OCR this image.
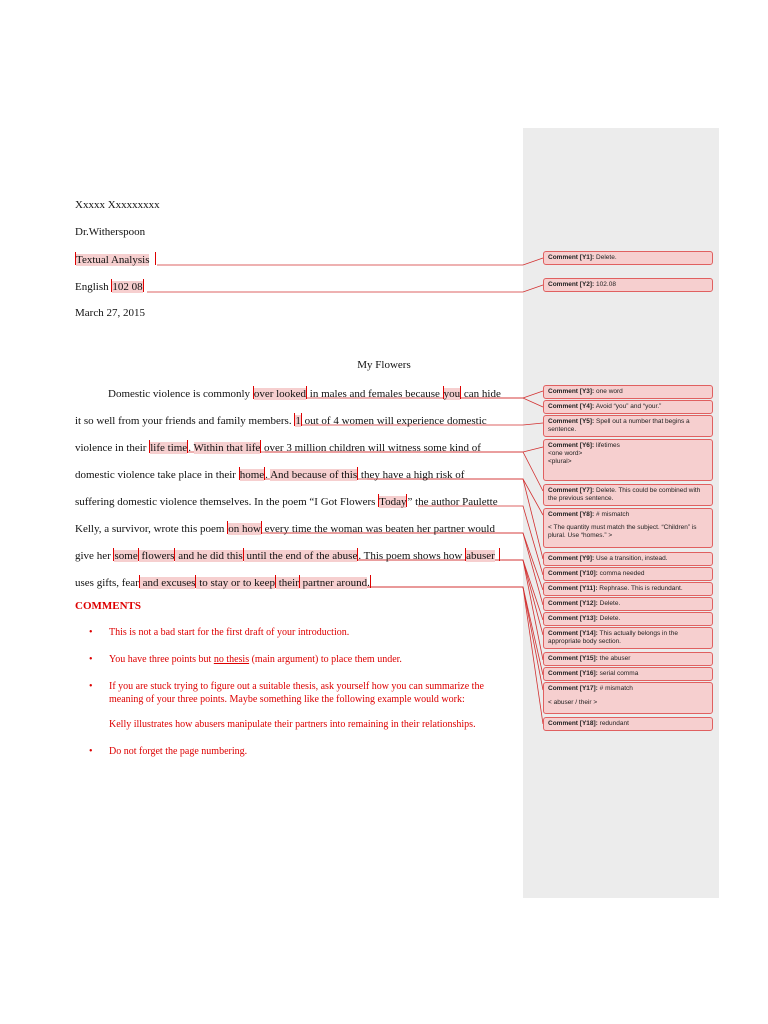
Xxxxx Xxxxxxxxx
Dr.Witherspoon
Textual Analysis
English 102 08
March 27, 2015
My Flowers
Domestic violence is commonly over looked in males and females because you can hide
it so well from your friends and family members. 1 out of 4 women will experience domestic
violence in their life time. Within that life over 3 million children will witness some kind of
domestic violence take place in their home. And because of this they have a high risk of
suffering domestic violence themselves. In the poem “I Got Flowers Today” the author Paulette
Kelly, a survivor, wrote this poem on how every time the woman was beaten her partner would
give her some flowers and he did this until the end of the abuse. This poem shows how abuser
uses gifts, fear and excuses to stay or to keep their partner around.
COMMENTS
• This is not a bad start for the first draft of your introduction.
• You have three points but no thesis (main argument) to place them under.
• If you are stuck trying to figure out a suitable thesis, ask yourself how you can summarize the meaning of your three points. Maybe something like the following example would work:
Kelly illustrates how abusers manipulate their partners into remaining in their relationships.
• Do not forget the page numbering.
Comment [Y1]: Delete.
Comment [Y2]: 102.08
Comment [Y3]: one word
Comment [Y4]: Avoid “you” and “your.”
Comment [Y5]: Spell out a number that begins a sentence.
Comment [Y6]: lifetimes
<one word>
<plural>
Comment [Y7]: Delete. This could be combined with the previous sentence.
Comment [Y8]: # mismatch
< The quantity must match the subject. “Children” is plural. Use “homes.” >
Comment [Y9]: Use a transition, instead.
Comment [Y10]: comma needed
Comment [Y11]: Rephrase. This is redundant.
Comment [Y12]: Delete.
Comment [Y13]: Delete.
Comment [Y14]: This actually belongs in the appropriate body section.
Comment [Y15]: the abuser
Comment [Y16]: serial comma
Comment [Y17]: # mismatch
< abuser / their >
Comment [Y18]: redundant
